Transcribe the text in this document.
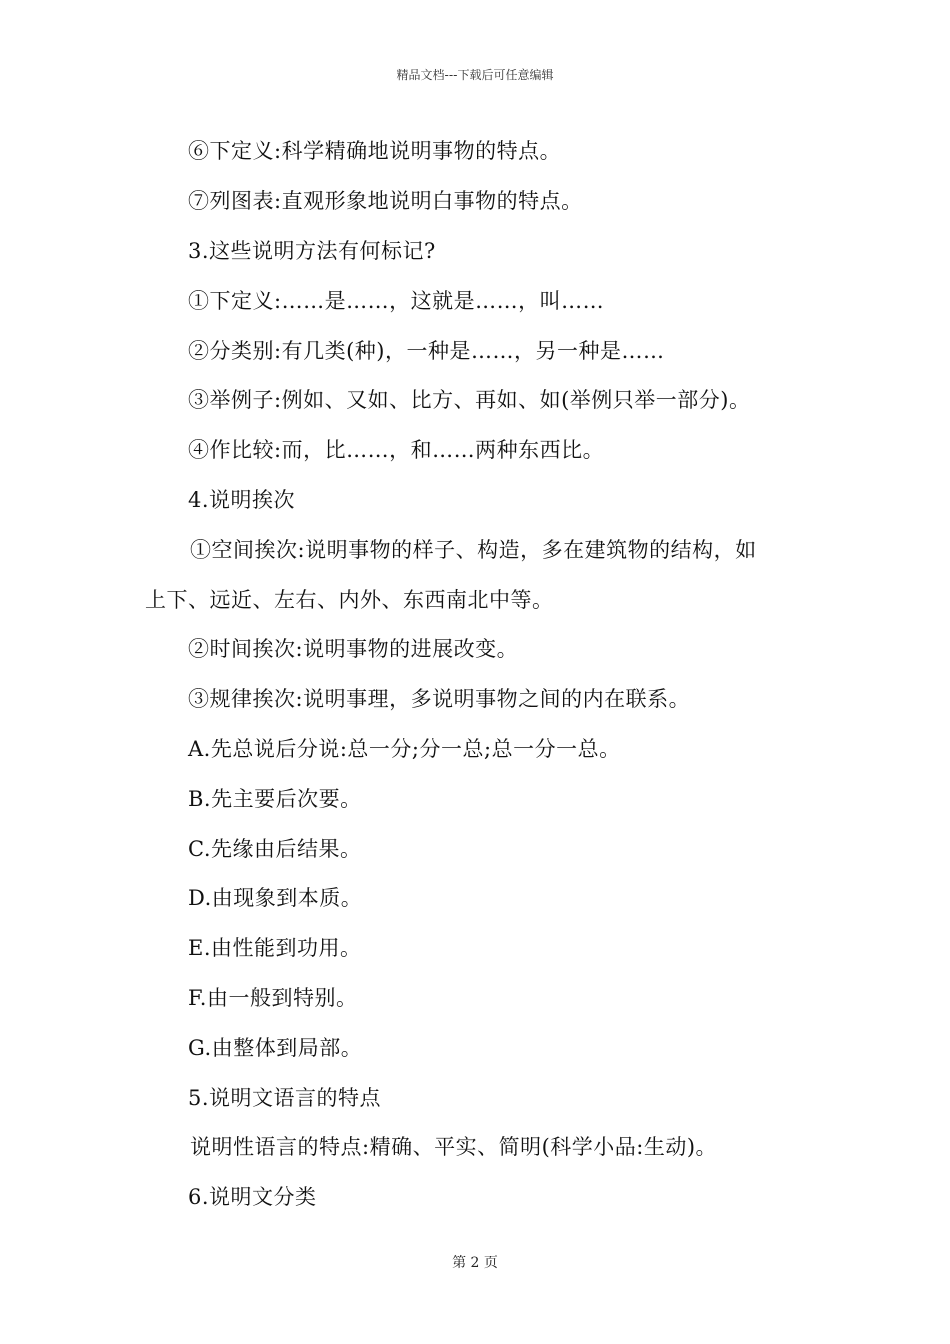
精品文档---下载后可任意编辑
⑥下定义:科学精确地说明事物的特点。
⑦列图表:直观形象地说明白事物的特点。
3.这些说明方法有何标记?
①下定义:……是……，这就是……，叫……
②分类别:有几类(种)，一种是……，另一种是……
③举例子:例如、又如、比方、再如、如(举例只举一部分)。
④作比较:而，比……，和……两种东西比。
4.说明挨次
①空间挨次:说明事物的样子、构造，多在建筑物的结构，如
上下、远近、左右、内外、东西南北中等。
②时间挨次:说明事物的进展改变。
③规律挨次:说明事理，多说明事物之间的内在联系。
A.先总说后分说:总一分;分一总;总一分一总。
B.先主要后次要。
C.先缘由后结果。
D.由现象到本质。
E.由性能到功用。
F.由一般到特别。
G.由整体到局部。
5.说明文语言的特点
说明性语言的特点:精确、平实、简明(科学小品:生动)。
6.说明文分类
第 2 页
